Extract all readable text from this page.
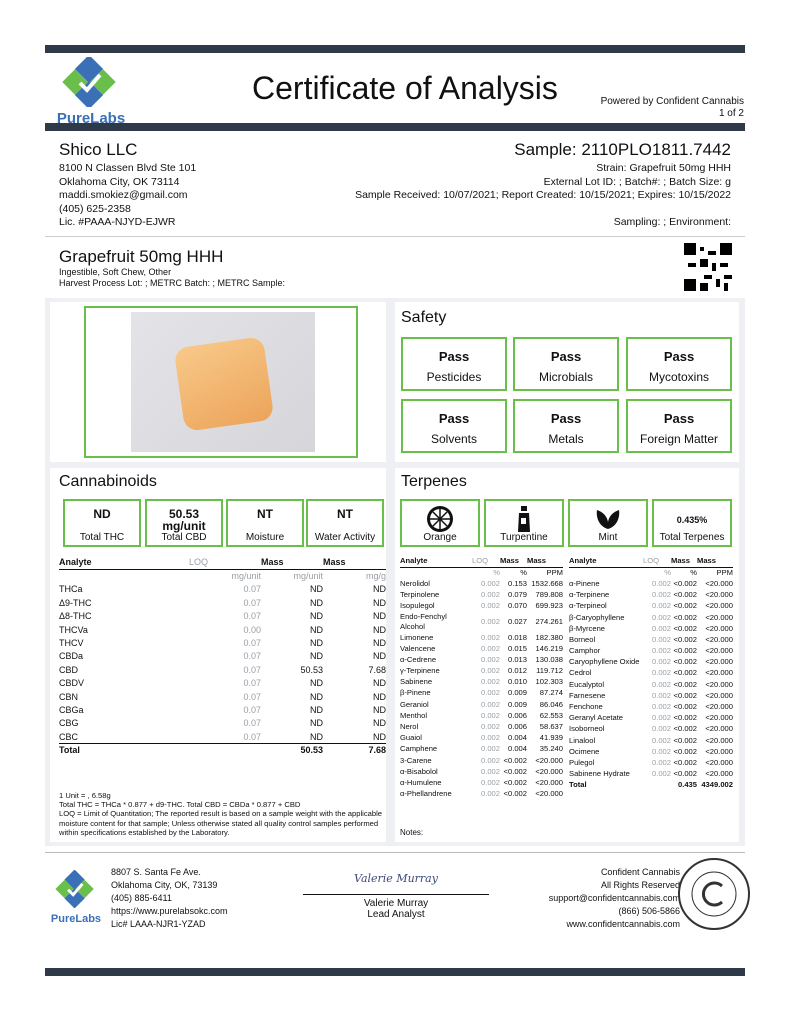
PureLabs
Certificate of Analysis	Powered by Confident Cannabis
1 of 2
Shico LLC
8100 N Classen Blvd Ste 101
Oklahoma City, OK 73114
maddi.smokiez@gmail.com
(405) 625-2358
Lic. #PAAA-NJYD-EJWR
Sample: 2110PLO1811.7442
Strain: Grapefruit 50mg HHH
External Lot ID: ; Batch#: ; Batch Size: g
Sample Received: 10/07/2021; Report Created: 10/15/2021; Expires: 10/15/2022
Sampling: ; Environment:
Grapefruit 50mg HHH
Ingestible, Soft Chew, Other
Harvest Process Lot: ; METRC Batch: ; METRC Sample:
Safety
Pass
Pesticides
Pass
Microbials
Pass
Mycotoxins
Pass
Solvents
Pass
Metals
Pass
Foreign Matter
Cannabinoids
ND
Total THC
50.53
mg/unit
Total CBD
NT
Moisture
NT
Water Activity
Analyte	LOQ	Mass	Mass
	mg/unit	mg/unit	mg/g
THCa	0.07	ND	ND
Δ9-THC	0.07	ND	ND
Δ8-THC	0.07	ND	ND
THCVa	0.00	ND	ND
THCV	0.07	ND	ND
CBDa	0.07	ND	ND
CBD	0.07	50.53	7.68
CBDV	0.07	ND	ND
CBN	0.07	ND	ND
CBGa	0.07	ND	ND
CBG	0.07	ND	ND
CBC	0.07	ND	ND
Total		50.53	7.68
1 Unit = , 6.58g
Total THC = THCa * 0.877 + d9-THC. Total CBD = CBDa * 0.877 + CBD
LOQ = Limit of Quantitation; The reported result is based on a sample weight with the applicable moisture content for that sample; Unless otherwise stated all quality control samples performed within specifications established by the Laboratory.
Terpenes
Orange	Turpentine	Mint
0.435%
Total Terpenes
Analyte	LOQ	Mass	Mass
	%	%	PPM
Nerolidol	0.002	0.153	1532.668
Terpinolene	0.002	0.079	789.808
Isopulegol	0.002	0.070	699.923
Endo-Fenchyl Alcohol	0.002	0.027	274.261
Limonene	0.002	0.018	182.380
Valencene	0.002	0.015	146.219
α-Cedrene	0.002	0.013	130.038
γ-Terpinene	0.002	0.012	119.712
Sabinene	0.002	0.010	102.303
β-Pinene	0.002	0.009	87.274
Geraniol	0.002	0.009	86.046
Menthol	0.002	0.006	62.553
Nerol	0.002	0.006	58.637
Guaiol	0.002	0.004	41.939
Camphene	0.002	0.004	35.240
3-Carene	0.002	<0.002	<20.000
α-Bisabolol	0.002	<0.002	<20.000
α-Humulene	0.002	<0.002	<20.000
α-Phellandrene	0.002	<0.002	<20.000
Analyte	LOQ	Mass	Mass
	%	%	PPM
α-Pinene	0.002	<0.002	<20.000
α-Terpinene	0.002	<0.002	<20.000
α-Terpineol	0.002	<0.002	<20.000
β-Caryophyllene	0.002	<0.002	<20.000
β-Myrcene	0.002	<0.002	<20.000
Borneol	0.002	<0.002	<20.000
Camphor	0.002	<0.002	<20.000
Caryophyllene Oxide	0.002	<0.002	<20.000
Cedrol	0.002	<0.002	<20.000
Eucalyptol	0.002	<0.002	<20.000
Farnesene	0.002	<0.002	<20.000
Fenchone	0.002	<0.002	<20.000
Geranyl Acetate	0.002	<0.002	<20.000
Isoborneol	0.002	<0.002	<20.000
Linalool	0.002	<0.002	<20.000
Ocimene	0.002	<0.002	<20.000
Pulegol	0.002	<0.002	<20.000
Sabinene Hydrate	0.002	<0.002	<20.000
Total		0.435	4349.002
Notes:
PureLabs
8807 S. Santa Fe Ave.
Oklahoma City, OK, 73139
(405) 885-6411
https://www.purelabsokc.com
Lic# LAAA-NJR1-YZAD
Valerie Murray
Valerie Murray
Lead Analyst
Confident Cannabis
All Rights Reserved
support@confidentcannabis.com
(866) 506-5866
www.confidentcannabis.com
